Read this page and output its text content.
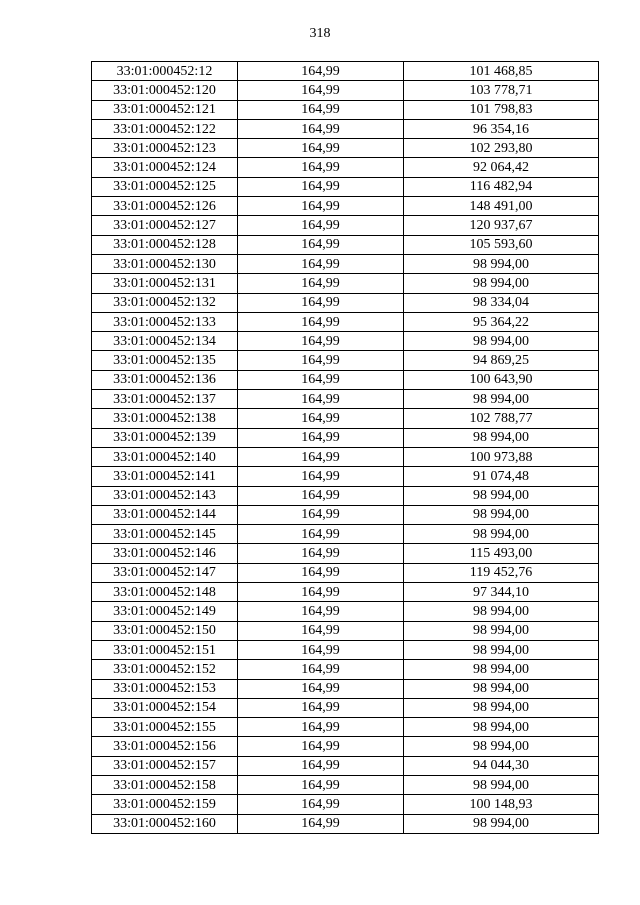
318
33:01:000452:12	164,99	101 468,85
33:01:000452:120	164,99	103 778,71
33:01:000452:121	164,99	101 798,83
33:01:000452:122	164,99	96 354,16
33:01:000452:123	164,99	102 293,80
33:01:000452:124	164,99	92 064,42
33:01:000452:125	164,99	116 482,94
33:01:000452:126	164,99	148 491,00
33:01:000452:127	164,99	120 937,67
33:01:000452:128	164,99	105 593,60
33:01:000452:130	164,99	98 994,00
33:01:000452:131	164,99	98 994,00
33:01:000452:132	164,99	98 334,04
33:01:000452:133	164,99	95 364,22
33:01:000452:134	164,99	98 994,00
33:01:000452:135	164,99	94 869,25
33:01:000452:136	164,99	100 643,90
33:01:000452:137	164,99	98 994,00
33:01:000452:138	164,99	102 788,77
33:01:000452:139	164,99	98 994,00
33:01:000452:140	164,99	100 973,88
33:01:000452:141	164,99	91 074,48
33:01:000452:143	164,99	98 994,00
33:01:000452:144	164,99	98 994,00
33:01:000452:145	164,99	98 994,00
33:01:000452:146	164,99	115 493,00
33:01:000452:147	164,99	119 452,76
33:01:000452:148	164,99	97 344,10
33:01:000452:149	164,99	98 994,00
33:01:000452:150	164,99	98 994,00
33:01:000452:151	164,99	98 994,00
33:01:000452:152	164,99	98 994,00
33:01:000452:153	164,99	98 994,00
33:01:000452:154	164,99	98 994,00
33:01:000452:155	164,99	98 994,00
33:01:000452:156	164,99	98 994,00
33:01:000452:157	164,99	94 044,30
33:01:000452:158	164,99	98 994,00
33:01:000452:159	164,99	100 148,93
33:01:000452:160	164,99	98 994,00
